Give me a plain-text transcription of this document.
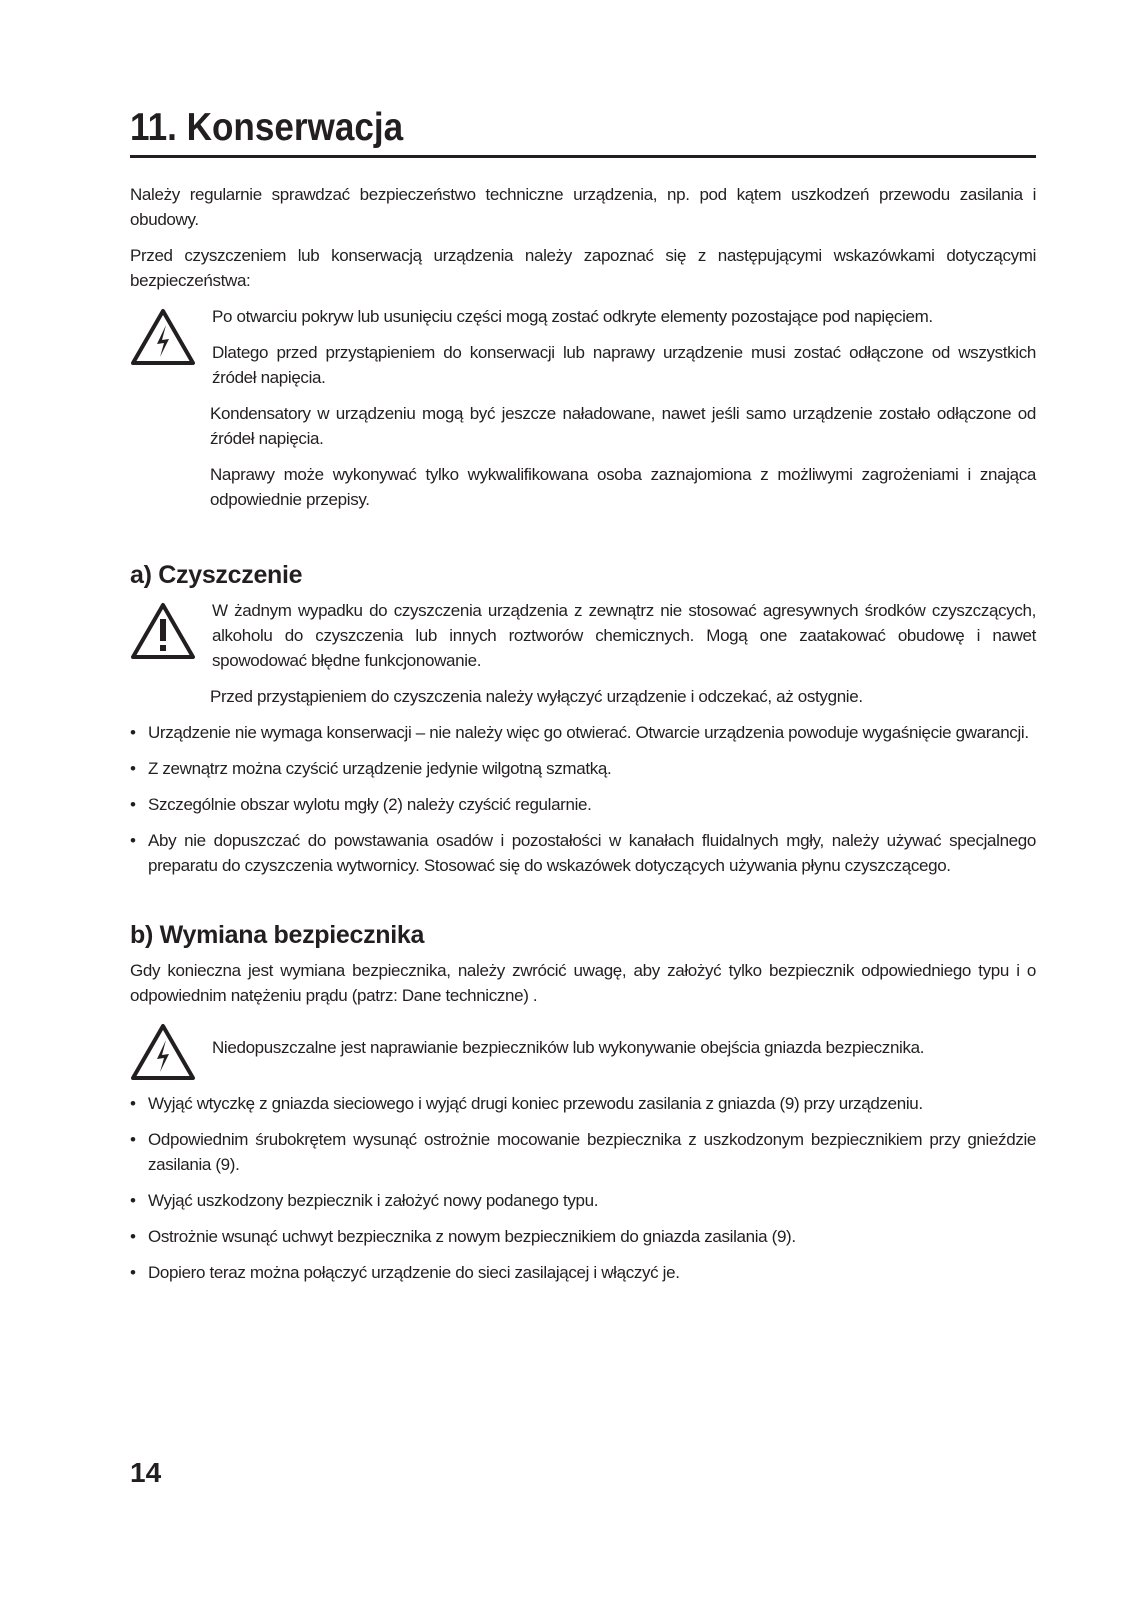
11. Konserwacja

Należy regularnie sprawdzać bezpieczeństwo techniczne urządzenia, np. pod kątem uszkodzeń przewodu zasilania i obudowy.

Przed czyszczeniem lub konserwacją urządzenia należy zapoznać się z następującymi wskazówkami dotyczącymi bezpieczeństwa:

Po otwarciu pokryw lub usunięciu części mogą zostać odkryte elementy pozostające pod napięciem.

Dlatego przed przystąpieniem do konserwacji lub naprawy urządzenie musi zostać odłączone od wszystkich źródeł napięcia.

Kondensatory w urządzeniu mogą być jeszcze naładowane, nawet jeśli samo urządzenie zostało odłączone od źródeł napięcia.

Naprawy może wykonywać tylko wykwalifikowana osoba zaznajomiona z możliwymi zagrożeniami i znająca odpowiednie przepisy.

a) Czyszczenie

W żadnym wypadku do czyszczenia urządzenia z zewnątrz nie stosować agresywnych środków czyszczących, alkoholu do czyszczenia lub innych roztworów chemicznych. Mogą one zaatakować obudowę i nawet spowodować błędne funkcjonowanie.

Przed przystąpieniem do czyszczenia należy wyłączyć urządzenie i odczekać, aż ostygnie.

• Urządzenie nie wymaga konserwacji – nie należy więc go otwierać. Otwarcie urządzenia powoduje wygaśnięcie gwarancji.
• Z zewnątrz można czyścić urządzenie jedynie wilgotną szmatką.
• Szczególnie obszar wylotu mgły (2) należy czyścić regularnie.
• Aby nie dopuszczać do powstawania osadów i pozostałości w kanałach fluidalnych mgły, należy używać specjalnego preparatu do czyszczenia wytwornicy. Stosować się do wskazówek dotyczących używania płynu czyszczącego.
b) Wymiana bezpiecznika

Gdy konieczna jest wymiana bezpiecznika, należy zwrócić uwagę, aby założyć tylko bezpiecznik odpowiedniego typu i o odpowiednim natężeniu prądu (patrz: Dane techniczne) .

Niedopuszczalne jest naprawianie bezpieczników lub wykonywanie obejścia gniazda bezpiecznika.

• Wyjąć wtyczkę z gniazda sieciowego i wyjąć drugi koniec przewodu zasilania z gniazda (9) przy urządzeniu.
• Odpowiednim śrubokrętem wysunąć ostrożnie mocowanie bezpiecznika z uszkodzonym bezpiecznikiem przy gnieździe zasilania (9).
• Wyjąć uszkodzony bezpiecznik i założyć nowy podanego typu.
• Ostrożnie wsunąć uchwyt bezpiecznika z nowym bezpiecznikiem do gniazda zasilania (9).
• Dopiero teraz można połączyć urządzenie do sieci zasilającej i włączyć je.
14
